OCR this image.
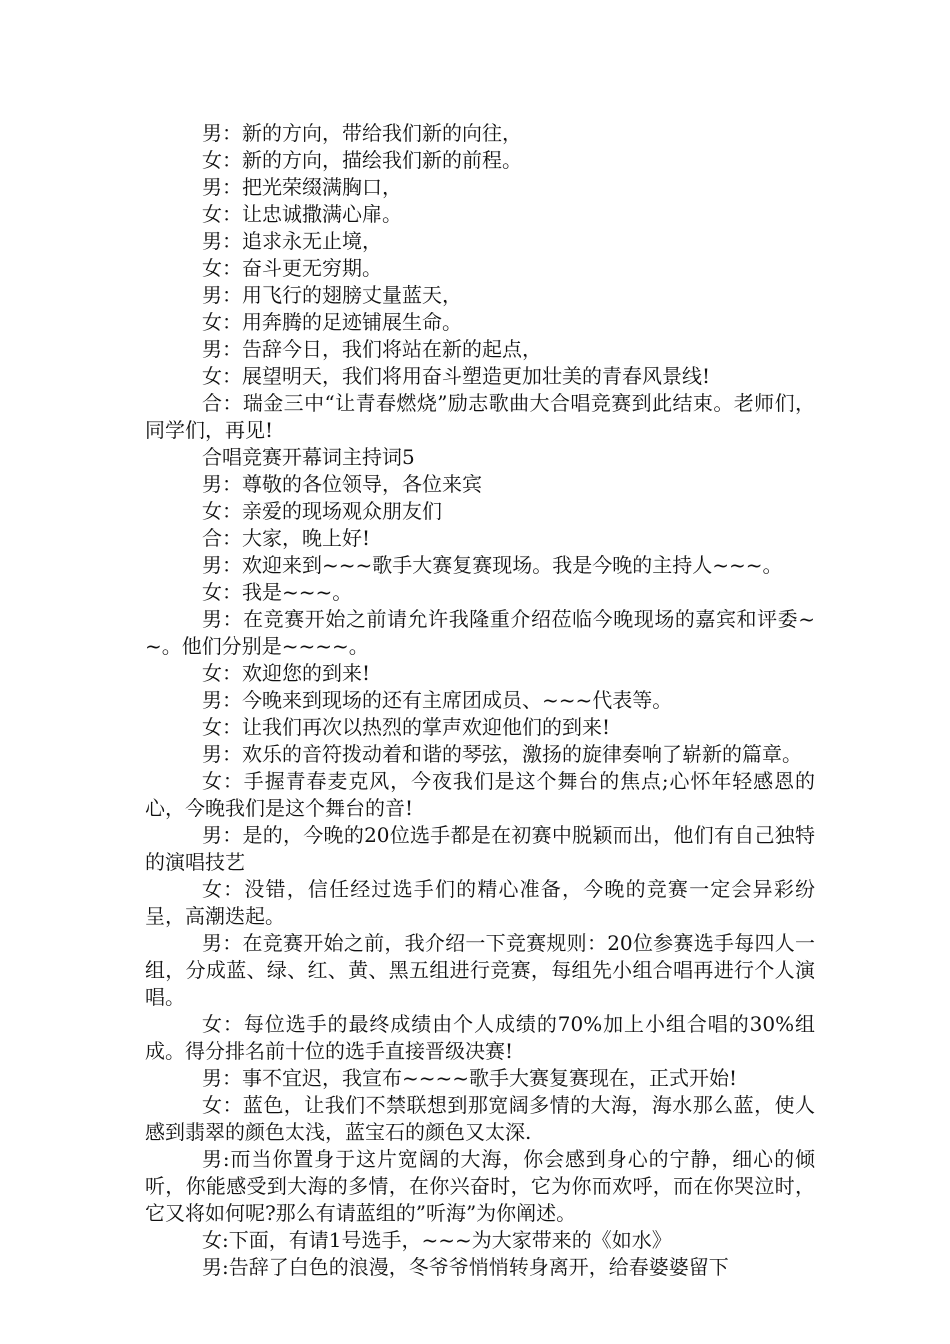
男：新的方向，带给我们新的向往，

女：新的方向，描绘我们新的前程。

男：把光荣缀满胸口，

女：让忠诚撒满心扉。

男：追求永无止境，

女：奋斗更无穷期。

男：用飞行的翅膀丈量蓝天，

女：用奔腾的足迹铺展生命。

男：告辞今日，我们将站在新的起点，

女：展望明天，我们将用奋斗塑造更加壮美的青春风景线!

合：瑞金三中“让青春燃烧”励志歌曲大合唱竞赛到此结束。老师们，同学们，再见!

合唱竞赛开幕词主持词5

男：尊敬的各位领导，各位来宾

女：亲爱的现场观众朋友们

合：大家，晚上好!

男：欢迎来到~~~歌手大赛复赛现场。我是今晚的主持人~~~。

女：我是~~~。

男：在竞赛开始之前请允许我隆重介绍莅临今晚现场的嘉宾和评委~~。他们分别是~~~~。

女：欢迎您的到来!

男：今晚来到现场的还有主席团成员、~~~代表等。

女：让我们再次以热烈的掌声欢迎他们的到来!

男：欢乐的音符拨动着和谐的琴弦，激扬的旋律奏响了崭新的篇章。

女：手握青春麦克风，今夜我们是这个舞台的焦点;心怀年轻感恩的心，今晚我们是这个舞台的音!

男：是的，今晚的20位选手都是在初赛中脱颖而出，他们有自己独特的演唱技艺

女：没错，信任经过选手们的精心准备，今晚的竞赛一定会异彩纷呈，高潮迭起。

男：在竞赛开始之前，我介绍一下竞赛规则：20位参赛选手每四人一组，分成蓝、绿、红、黄、黑五组进行竞赛，每组先小组合唱再进行个人演唱。

女：每位选手的最终成绩由个人成绩的70%加上小组合唱的30%组成。得分排名前十位的选手直接晋级决赛!

男：事不宜迟，我宣布~~~~歌手大赛复赛现在，正式开始!

女：蓝色，让我们不禁联想到那宽阔多情的大海，海水那么蓝，使人感到翡翠的颜色太浅，蓝宝石的颜色又太深.

男:而当你置身于这片宽阔的大海，你会感到身心的宁静，细心的倾听，你能感受到大海的多情，在你兴奋时，它为你而欢呼，而在你哭泣时，它又将如何呢?那么有请蓝组的”听海”为你阐述。

女:下面，有请1号选手，~~~为大家带来的《如水》

男:告辞了白色的浪漫，冬爷爷悄悄转身离开，给春婆婆留下
